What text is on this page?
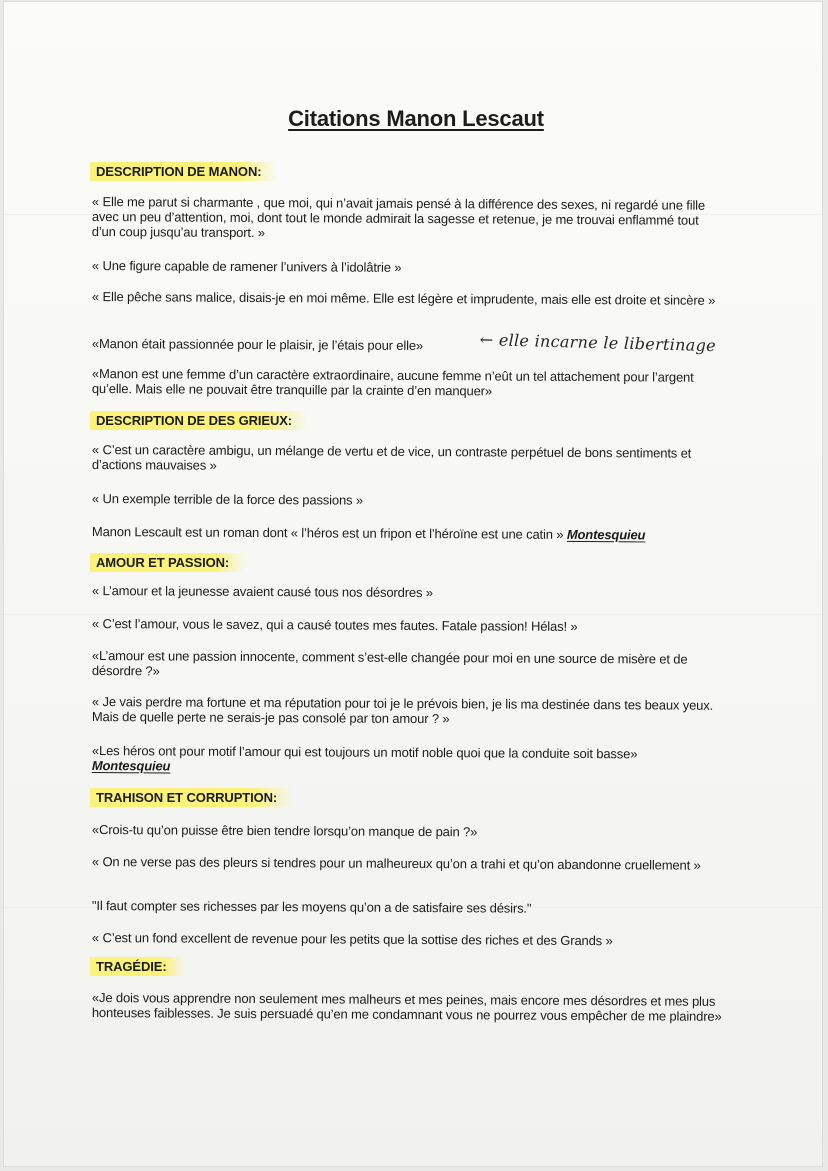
Citations Manon Lescaut
DESCRIPTION DE MANON:
« Elle me parut si charmante , que moi, qui n’avait jamais pensé à la différence des sexes, ni regardé une fille avec un peu d’attention, moi, dont tout le monde admirait la sagesse et retenue, je me trouvai enflammé tout d’un coup jusqu’au transport. »
« Une figure capable de ramener l’univers à l’idolâtrie »
« Elle pêche sans malice, disais-je en moi même. Elle est légère et imprudente, mais elle est droite et sincère »
«Manon était passionnée pour le plaisir, je l’étais pour elle»	← elle incarne le libertinage
«Manon est une femme d’un caractère extraordinaire, aucune femme n’eût un tel attachement pour l’argent qu’elle. Mais elle ne pouvait être tranquille par la crainte d’en manquer»
DESCRIPTION DE DES GRIEUX:
« C’est un caractère ambigu, un mélange de vertu et de vice, un contraste perpétuel de bons sentiments et d’actions mauvaises »
« Un exemple terrible de la force des passions »
Manon Lescault est un roman dont « l’héros est un fripon et l’héroïne est une catin » Montesquieu
AMOUR ET PASSION:
« L’amour et la jeunesse avaient causé tous nos désordres »
« C’est l’amour, vous le savez, qui a causé toutes mes fautes. Fatale passion! Hélas! »
«L’amour est une passion innocente, comment s’est-elle changée pour moi en une source de misère et de désordre ?»
« Je vais perdre ma fortune et ma réputation pour toi je le prévois bien, je lis ma destinée dans tes beaux yeux. Mais de quelle perte ne serais-je pas consolé par ton amour ? »
«Les héros ont pour motif l’amour qui est toujours un motif noble quoi que la conduite soit basse»
Montesquieu
TRAHISON ET CORRUPTION:
«Crois-tu qu’on puisse être bien tendre lorsqu’on manque de pain ?»
« On ne verse pas des pleurs si tendres pour un malheureux qu’on a trahi et qu’on abandonne cruellement »
"Il faut compter ses richesses par les moyens qu’on a de satisfaire ses désirs."
« C’est un fond excellent de revenue pour les petits que la sottise des riches et des Grands »
TRAGÉDIE:
«Je dois vous apprendre non seulement mes malheurs et mes peines, mais encore mes désordres et mes plus honteuses faiblesses. Je suis persuadé qu’en me condamnant vous ne pourrez vous empêcher de me plaindre»
